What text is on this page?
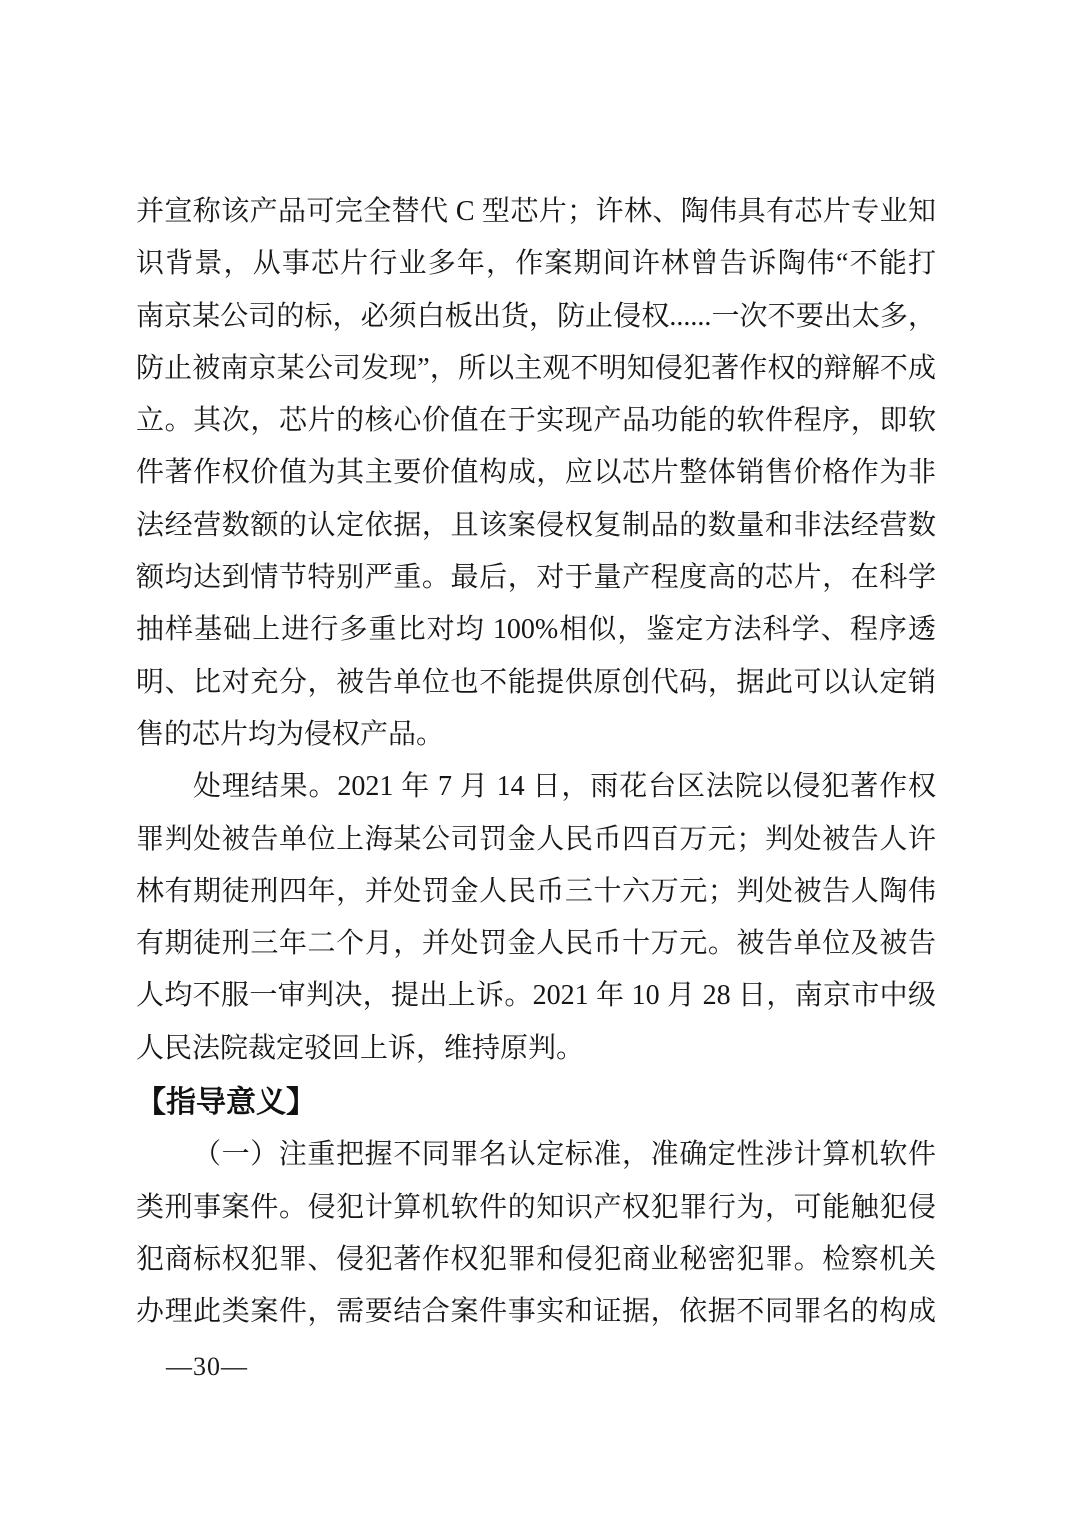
并宣称该产品可完全替代 C 型芯片；许林、陶伟具有芯片专业知
识背景，从事芯片行业多年，作案期间许林曾告诉陶伟“不能打
南京某公司的标，必须白板出货，防止侵权......一次不要出太多，
防止被南京某公司发现”，所以主观不明知侵犯著作权的辩解不成
立。其次，芯片的核心价值在于实现产品功能的软件程序，即软
件著作权价值为其主要价值构成，应以芯片整体销售价格作为非
法经营数额的认定依据，且该案侵权复制品的数量和非法经营数
额均达到情节特别严重。最后，对于量产程度高的芯片，在科学
抽样基础上进行多重比对均 100%相似，鉴定方法科学、程序透
明、比对充分，被告单位也不能提供原创代码，据此可以认定销
售的芯片均为侵权产品。
处理结果。2021 年 7 月 14 日，雨花台区法院以侵犯著作权
罪判处被告单位上海某公司罚金人民币四百万元；判处被告人许
林有期徒刑四年，并处罚金人民币三十六万元；判处被告人陶伟
有期徒刑三年二个月，并处罚金人民币十万元。被告单位及被告
人均不服一审判决，提出上诉。2021 年 10 月 28 日，南京市中级
人民法院裁定驳回上诉，维持原判。
【指导意义】
（一）注重把握不同罪名认定标准，准确定性涉计算机软件
类刑事案件。侵犯计算机软件的知识产权犯罪行为，可能触犯侵
犯商标权犯罪、侵犯著作权犯罪和侵犯商业秘密犯罪。检察机关
办理此类案件，需要结合案件事实和证据，依据不同罪名的构成
—30—
